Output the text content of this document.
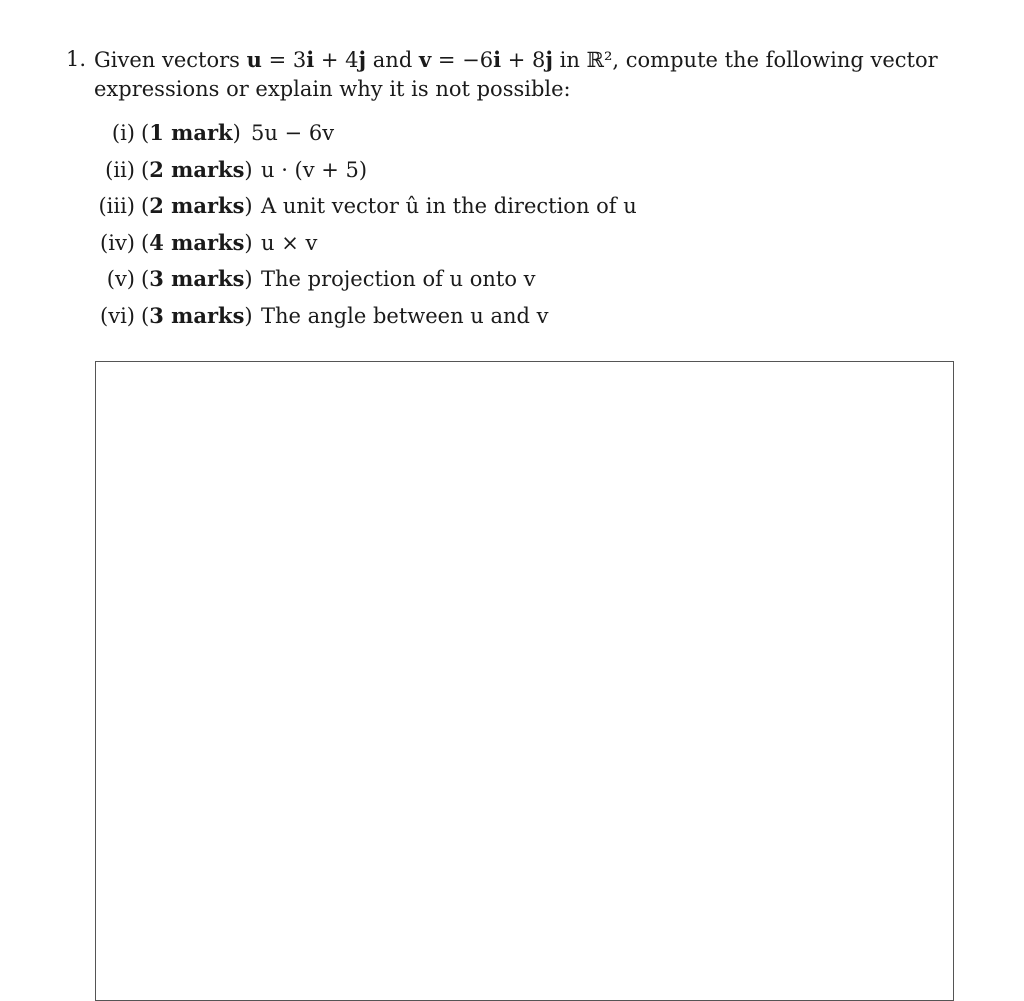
1. Given vectors u = 3i + 4j and v = −6i + 8j in ℝ², compute the following vector expressions or explain why it is not possible:
(i) (1 mark) 5u − 6v
(ii) (2 marks) u · (v + 5)
(iii) (2 marks) A unit vector û in the direction of u
(iv) (4 marks) u × v
(v) (3 marks) The projection of u onto v
(vi) (3 marks) The angle between u and v
